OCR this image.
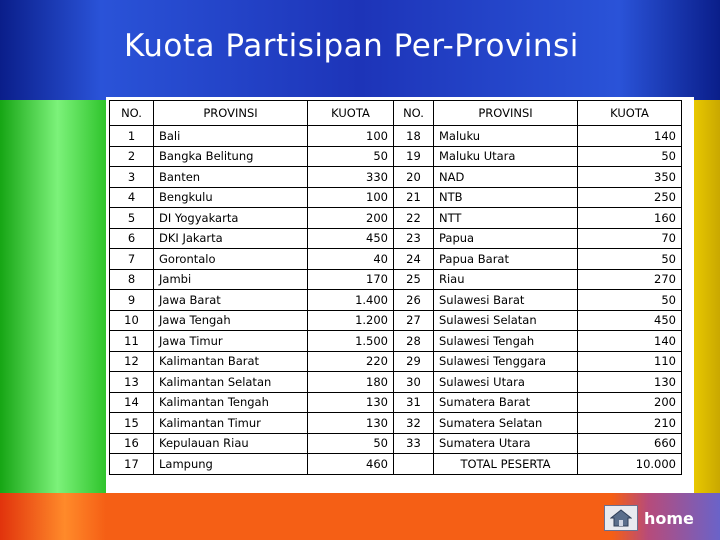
Kuota Partisipan Per-Provinsi
NO.	PROVINSI	KUOTA	NO.	PROVINSI	KUOTA
1	Bali	100	18	Maluku	140
2	Bangka Belitung	50	19	Maluku Utara	50
3	Banten	330	20	NAD	350
4	Bengkulu	100	21	NTB	250
5	DI Yogyakarta	200	22	NTT	160
6	DKI Jakarta	450	23	Papua	70
7	Gorontalo	40	24	Papua Barat	50
8	Jambi	170	25	Riau	270
9	Jawa Barat	1.400	26	Sulawesi Barat	50
10	Jawa Tengah	1.200	27	Sulawesi Selatan	450
11	Jawa Timur	1.500	28	Sulawesi Tengah	140
12	Kalimantan Barat	220	29	Sulawesi Tenggara	110
13	Kalimantan Selatan	180	30	Sulawesi Utara	130
14	Kalimantan Tengah	130	31	Sumatera Barat	200
15	Kalimantan Timur	130	32	Sumatera Selatan	210
16	Kepulauan Riau	50	33	Sumatera Utara	660
17	Lampung	460		TOTAL PESERTA	10.000
home
